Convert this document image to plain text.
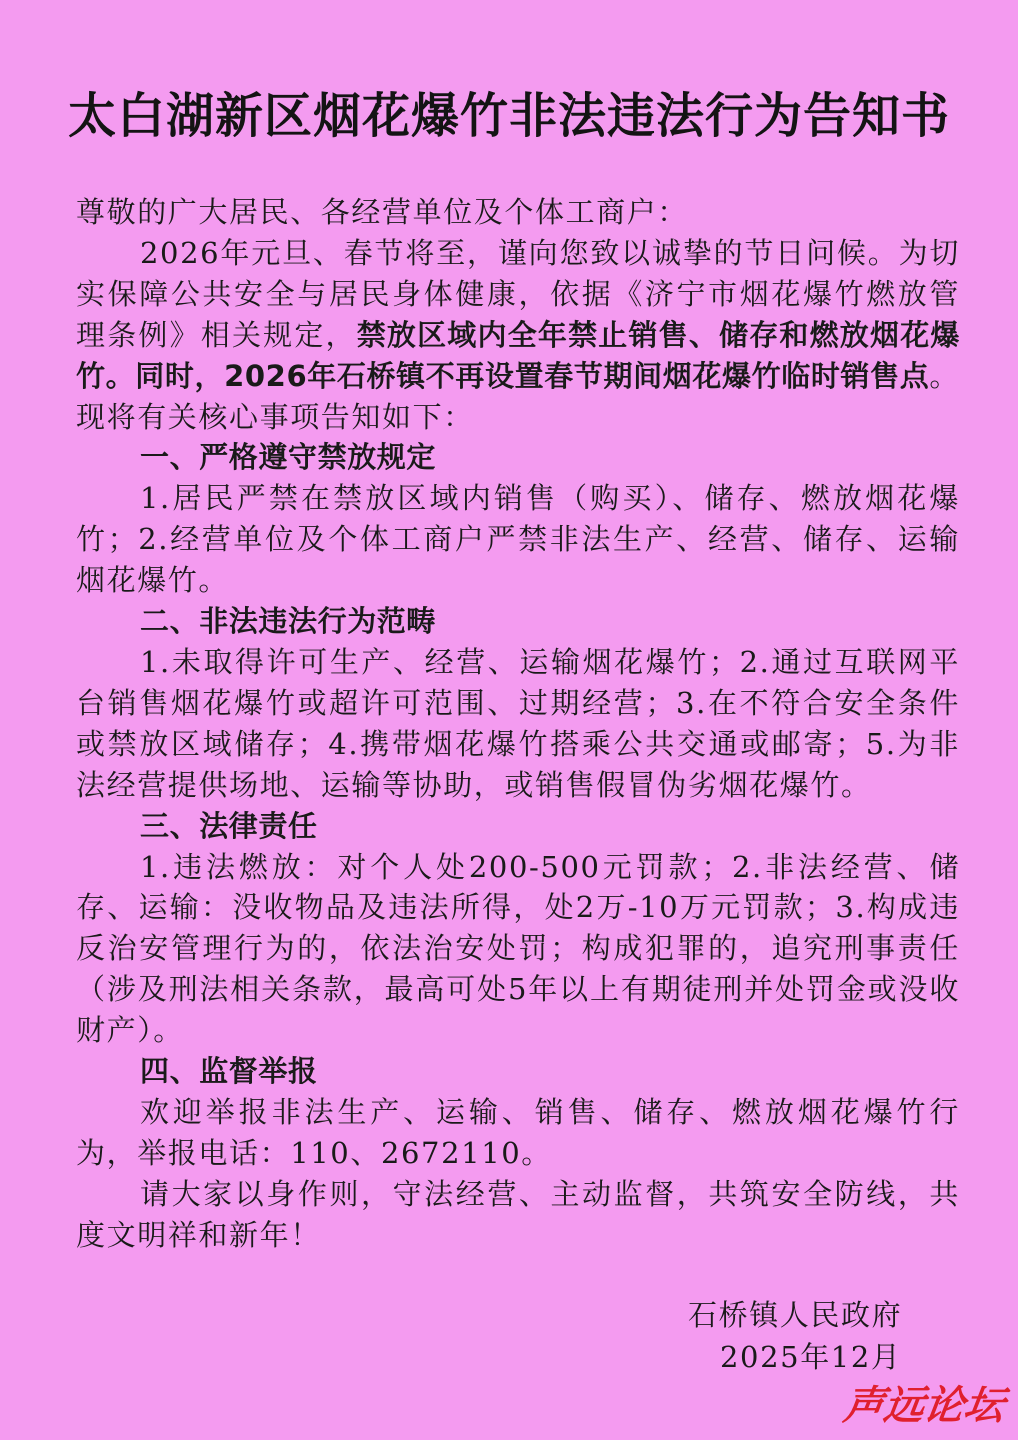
太白湖新区烟花爆竹非法违法行为告知书

尊敬的广大居民、各经营单位及个体工商户：

2026年元旦、春节将至，谨向您致以诚挚的节日问候。为切实保障公共安全与居民身体健康，依据《济宁市烟花爆竹燃放管理条例》相关规定，禁放区域内全年禁止销售、储存和燃放烟花爆竹。同时，2026年石桥镇不再设置春节期间烟花爆竹临时销售点。现将有关核心事项告知如下：

一、严格遵守禁放规定

1.居民严禁在禁放区域内销售（购买）、储存、燃放烟花爆竹；2.经营单位及个体工商户严禁非法生产、经营、储存、运输烟花爆竹。

二、非法违法行为范畴

1.未取得许可生产、经营、运输烟花爆竹；2.通过互联网平台销售烟花爆竹或超许可范围、过期经营；3.在不符合安全条件或禁放区域储存；4.携带烟花爆竹搭乘公共交通或邮寄；5.为非法经营提供场地、运输等协助，或销售假冒伪劣烟花爆竹。

三、法律责任

1.违法燃放：对个人处200-500元罚款；2.非法经营、储存、运输：没收物品及违法所得，处2万-10万元罚款；3.构成违反治安管理行为的，依法治安处罚；构成犯罪的，追究刑事责任（涉及刑法相关条款，最高可处5年以上有期徒刑并处罚金或没收财产）。

四、监督举报

欢迎举报非法生产、运输、销售、储存、燃放烟花爆竹行为，举报电话：110、2672110。

请大家以身作则，守法经营、主动监督，共筑安全防线，共度文明祥和新年！

石桥镇人民政府
2025年12月
声远论坛
